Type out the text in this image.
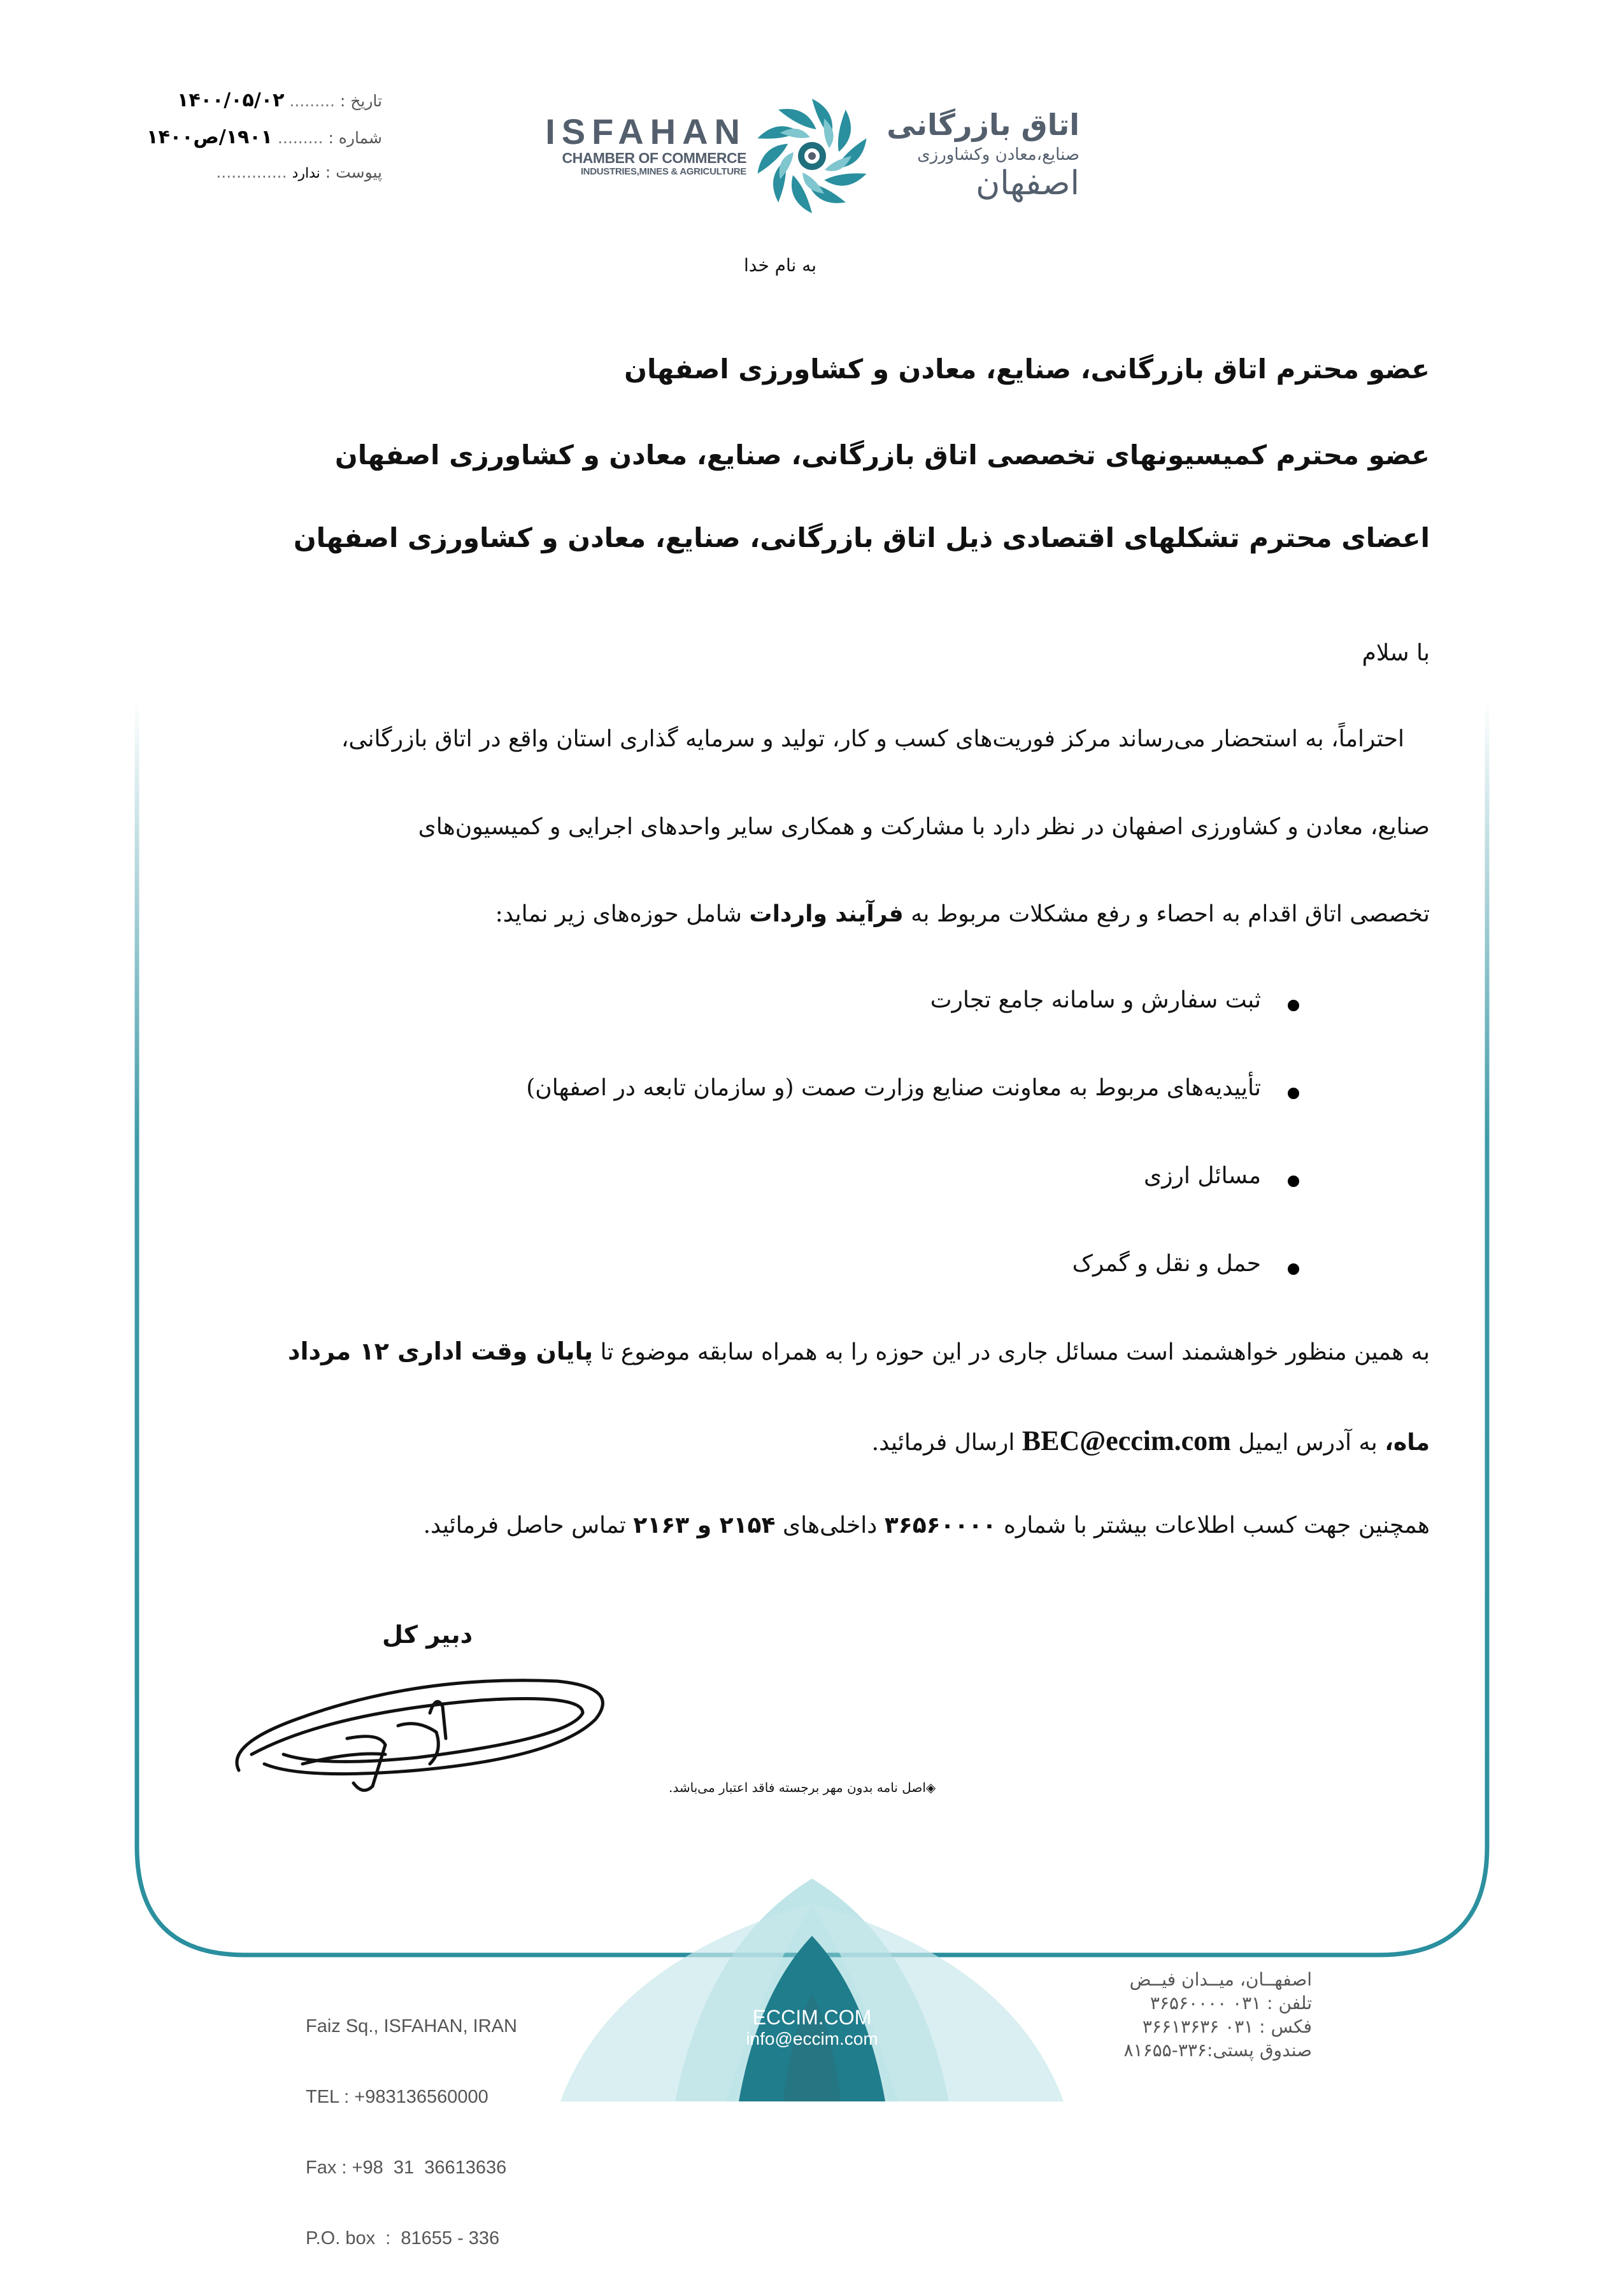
تاریخ : ......... ۱۴۰۰/۰۵/۰۲
شماره : ......... ۱۹۰۱/ص۱۴۰۰
پیوست : ندارد ..............
ISFAHAN
CHAMBER OF COMMERCE
INDUSTRIES,MINES & AGRICULTURE
اتاق بازرگانی
صنایع،معادن وکشاورزی
اصفهان
به نام خدا
عضو محترم اتاق بازرگانی، صنایع، معادن و کشاورزی اصفهان
عضو محترم کمیسیونهای تخصصی اتاق بازرگانی، صنایع، معادن و کشاورزی اصفهان
اعضای محترم تشکلهای اقتصادی ذیل اتاق بازرگانی، صنایع، معادن و کشاورزی اصفهان
با سلام
احتراماً، به استحضار می‌رساند مرکز فوریت‌های کسب و کار، تولید و سرمایه گذاری استان واقع در اتاق بازرگانی،
صنایع، معادن و کشاورزی اصفهان در نظر دارد با مشارکت و همکاری سایر واحدهای اجرایی و کمیسیون‌های
تخصصی اتاق اقدام به احصاء و رفع مشکلات مربوط به فرآیند واردات شامل حوزه‌های زیر نماید:
ثبت سفارش و سامانه جامع تجارت
تأییدیه‌های مربوط به معاونت صنایع وزارت صمت (و سازمان تابعه در اصفهان)
مسائل ارزی
حمل و نقل و گمرک
به همین منظور خواهشمند است مسائل جاری در این حوزه را به همراه سابقه موضوع تا پایان وقت اداری ۱۲ مرداد
ماه، به آدرس ایمیل BEC@eccim.com ارسال فرمائید.
همچنین جهت کسب اطلاعات بیشتر با شماره ۳۶۵۶۰۰۰۰ داخلی‌های ۲۱۵۴ و ۲۱۶۳ تماس حاصل فرمائید.
دبیر کل
◈اصل نامه بدون مهر برجسته فاقد اعتبار می‌باشد.

Faiz Sq., ISFAHAN, IRAN

TEL : +983136560000

Fax : +98  31  36613636

P.O. box  :  81655 - 336

ECCIM.COM
info@eccim.com
اصفهــان، میــدان فیــض
تلفن : ۰۳۱ ۳۶۵۶۰۰۰۰
فکس : ۰۳۱ ۳۶۶۱۳۶۳۶
صندوق پستی:۳۳۶-۸۱۶۵۵
